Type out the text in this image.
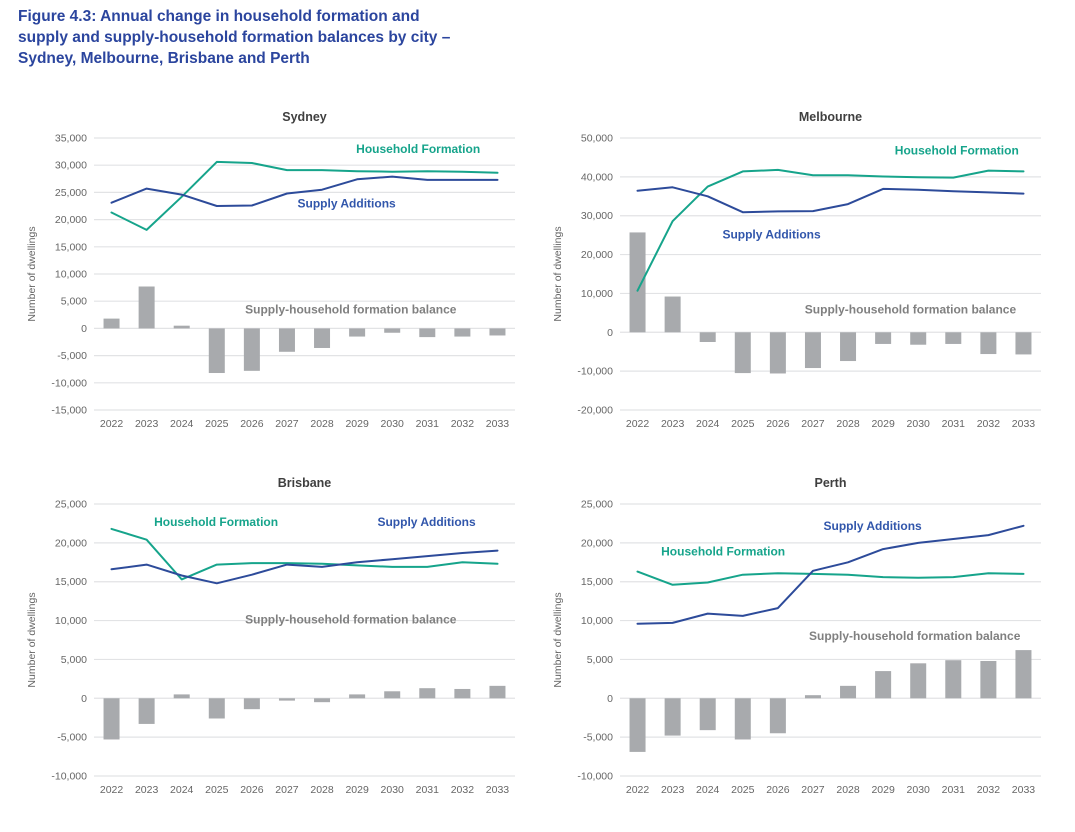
Figure 4.3: Annual change in household formation and
supply and supply-household formation balances by city –
Sydney, Melbourne, Brisbane and Perth
Sydney
Number of dwellings
-15,000
-10,000
-5,000
0
5,000
10,000
15,000
20,000
25,000
30,000
35,000
2022 2023 2024 2025 2026 2027 2028 2029 2030 2031 2032 2033
Household Formation
Supply Additions
Supply-household formation balance
Melbourne
Number of dwellings
-20,000
-10,000
0
10,000
20,000
30,000
40,000
50,000
2022 2023 2024 2025 2026 2027 2028 2029 2030 2031 2032 2033
Household Formation
Supply Additions
Supply-household formation balance
Brisbane
Number of dwellings
-10,000
-5,000
0
5,000
10,000
15,000
20,000
25,000
2022 2023 2024 2025 2026 2027 2028 2029 2030 2031 2032 2033
Household Formation	Supply Additions
Supply-household formation balance
Perth
Number of dwellings
-10,000
-5,000
0
5,000
10,000
15,000
20,000
25,000
2022 2023 2024 2025 2026 2027 2028 2029 2030 2031 2032 2033
Supply Additions
Household Formation
Supply-household formation balance
